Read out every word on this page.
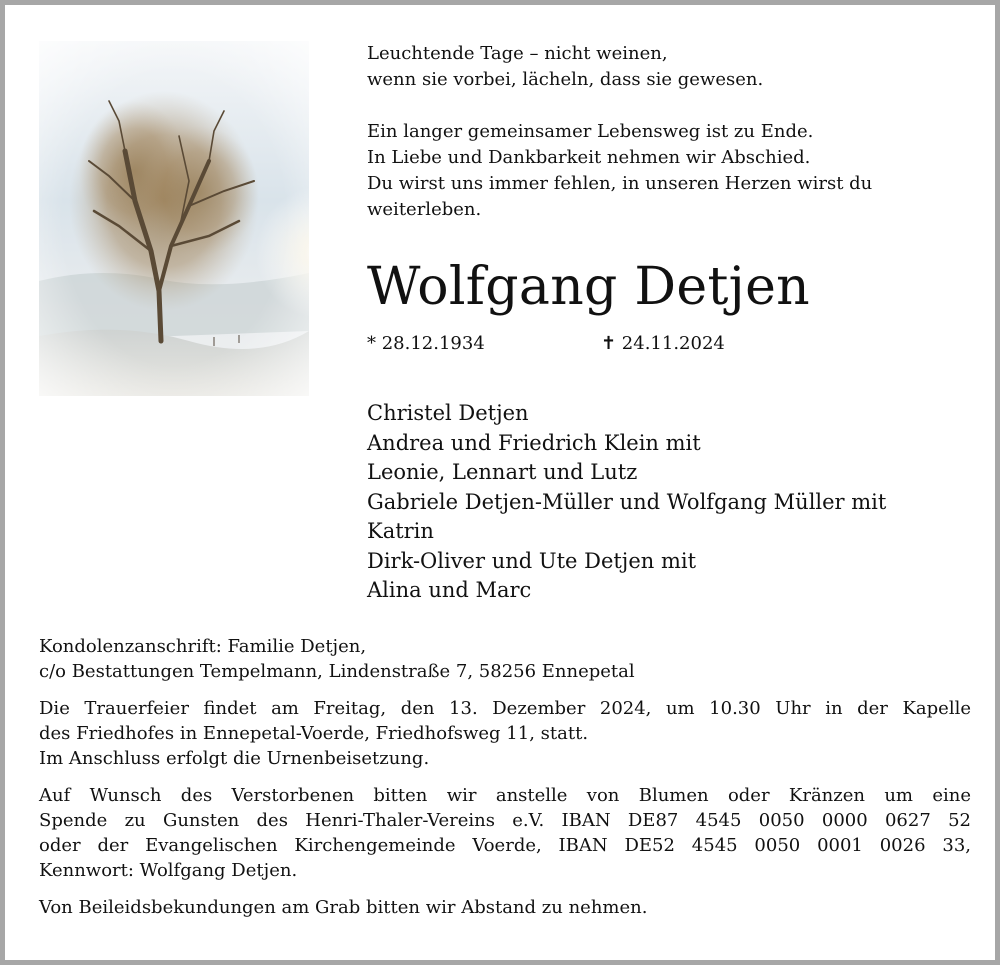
Leuchtende Tage – nicht weinen,
wenn sie vorbei, lächeln, dass sie gewesen.

Ein langer gemeinsamer Lebensweg ist zu Ende.
In Liebe und Dankbarkeit nehmen wir Abschied.
Du wirst uns immer fehlen, in unseren Herzen wirst du
weiterleben.

Wolfgang Detjen
* 28.12.1934	✝ 24.11.2024
Christel Detjen
Andrea und Friedrich Klein mit
Leonie, Lennart und Lutz
Gabriele Detjen-Müller und Wolfgang Müller mit
Katrin
Dirk-Oliver und Ute Detjen mit
Alina und Marc

Kondolenzanschrift: Familie Detjen,
c/o Bestattungen Tempelmann, Lindenstraße 7, 58256 Ennepetal

Die Trauerfeier findet am Freitag, den 13. Dezember 2024, um 10.30 Uhr in der Kapelle
des Friedhofes in Ennepetal-Voerde, Friedhofsweg 11, statt.
Im Anschluss erfolgt die Urnenbeisetzung.

Auf Wunsch des Verstorbenen bitten wir anstelle von Blumen oder Kränzen um eine
Spende zu Gunsten des Henri-Thaler-Vereins e.V. IBAN DE87 4545 0050 0000 0627 52
oder der Evangelischen Kirchengemeinde Voerde, IBAN DE52 4545 0050 0001 0026 33,
Kennwort: Wolfgang Detjen.

Von Beileidsbekundungen am Grab bitten wir Abstand zu nehmen.
